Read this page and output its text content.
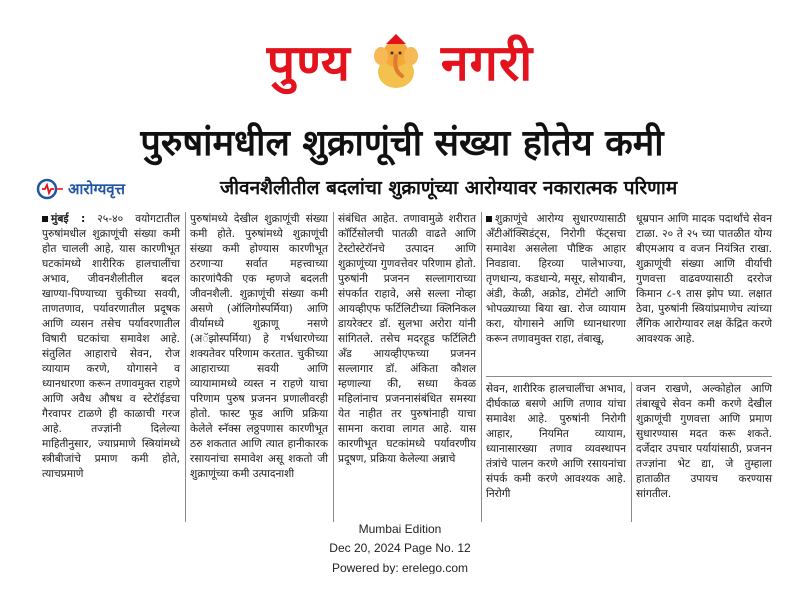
पुण्य नगरी
पुरुषांमधील शुक्राणूंची संख्या होतेय कमी
आरोग्यवृत्त	जीवनशैलीतील बदलांचा शुक्राणूंच्या आरोग्यावर नकारात्मक परिणाम

मुंबई : २५-४० वयोगटातील पुरुषांमधील शुक्राणूंची संख्या कमी होत चालली आहे, यास कारणीभूत घटकांमध्ये शारीरिक हालचालींचा अभाव, जीवनशैलीतील बदल खाण्या-पिण्याच्या चुकीच्या सवयी, ताणतणाव, पर्यावरणातील प्रदूषक आणि व्यसन तसेच पर्यावरणातील विषारी घटकांचा समावेश आहे. संतुलित आहाराचे सेवन, रोज व्यायाम करणे, योगासने व ध्यानधारणा करून तणावमुक्त राहणे आणि अवैध औषध व स्टेरॉईडचा गैरवापर टाळणे ही काळाची गरज आहे. तज्ज्ञांनी दिलेल्या माहितीनुसार, ज्याप्रमाणे स्त्रियांमध्ये स्त्रीबीजांचे प्रमाण कमी होते, त्याचप्रमाणे

पुरुषांमध्ये देखील शुक्राणूंची संख्या कमी होते. पुरुषांमध्ये शुक्राणूंची संख्या कमी होण्यास कारणीभूत ठरणाऱ्या सर्वात महत्त्वाच्या कारणांपैकी एक म्हणजे बदलती जीवनशैली. शुक्राणूंची संख्या कमी असणे (ऑलिगोस्पर्मिया) आणि वीर्यामध्ये शुक्राणू नसणे (अॅझोस्पर्मिया) हे गर्भधारणेच्या शक्यतेवर परिणाम करतात. चुकीच्या आहाराच्या सवयी आणि व्यायामामध्ये व्यस्त न राहणे याचा परिणाम पुरुष प्रजनन प्रणालीवरही होतो. फास्ट फूड आणि प्रक्रिया केलेले स्नॅक्स लठ्ठपणास कारणीभूत ठरु शकतात आणि त्यात हानीकारक रसायनांचा समावेश असू शकतो जी शुक्राणूंच्या कमी उत्पादनाशी

संबंधित आहेत. तणावामुळे शरीरात कॉर्टिसोलची पातळी वाढते आणि टेस्टोस्टेरॉनचे उत्पादन आणि शुक्राणूंच्या गुणवत्तेवर परिणाम होतो. पुरुषांनी प्रजनन सल्लागाराच्या संपर्कात राहावे, असे सल्ला नोव्हा आयव्हीएफ फर्टिलिटीच्या क्लिनिकल डायरेक्टर डॉ. सुलभा अरोरा यांनी सांगितले. तसेच मदरहूड फर्टिलिटी अँड आयव्हीएफच्या प्रजनन सल्लागार डॉ. अंकिता कौशल म्हणाल्या की, सध्या केवळ महिलांनाच प्रजननासंबंधित समस्या येत नाहीत तर पुरुषांनाही याचा सामना करावा लागत आहे. यास कारणीभूत घटकांमध्ये पर्यावरणीय प्रदूषण, प्रक्रिया केलेल्या अन्नाचे

शुक्राणूंचे आरोग्य सुधारण्यासाठी अँटीऑक्सिडंट्स, निरोगी फॅट्सचा समावेश असलेला पौष्टिक आहार निवडावा. हिरव्या पालेभाज्या, तृणधान्य, कडधान्ये, मसूर, सोयाबीन, अंडी, केळी, अक्रोड, टोमॅटो आणि भोपळ्याच्या बिया खा. रोज व्यायाम करा, योगासने आणि ध्यानधारणा करून तणावमुक्त राहा, तंबाखू,

धूम्रपान आणि मादक पदार्थांचे सेवन टाळा. २० ते २५ च्या पातळीत योग्य बीएमआय व वजन नियंत्रित राखा. शुक्राणूंची संख्या आणि वीर्याची गुणवत्ता वाढवण्यासाठी दररोज किमान ८-९ तास झोप घ्या. लक्षात ठेवा, पुरुषांनी स्त्रियांप्रमाणेच त्यांच्या लैंगिक आरोग्यावर लक्ष केंद्रित करणे आवश्यक आहे.

सेवन, शारीरिक हालचालींचा अभाव, दीर्घकाळ बसणे आणि तणाव यांचा समावेश आहे. पुरुषांनी निरोगी आहार, नियमित व्यायाम, ध्यानासारख्या तणाव व्यवस्थापन तंत्रांचे पालन करणे आणि रसायनांचा संपर्क कमी करणे आवश्यक आहे. निरोगी

वजन राखणे, अल्कोहोल आणि तंबाखूचे सेवन कमी करणे देखील शुक्राणूंची गुणवत्ता आणि प्रमाण सुधारण्यास मदत करू शकते. दर्जेदार उपचार पर्यायांसाठी, प्रजनन तज्ज्ञांना भेट द्या, जे तुम्हाला हाताळीत उपायच करण्यास सांगतील.

Mumbai Edition
Dec 20, 2024 Page No. 12
Powered by: erelego.com
